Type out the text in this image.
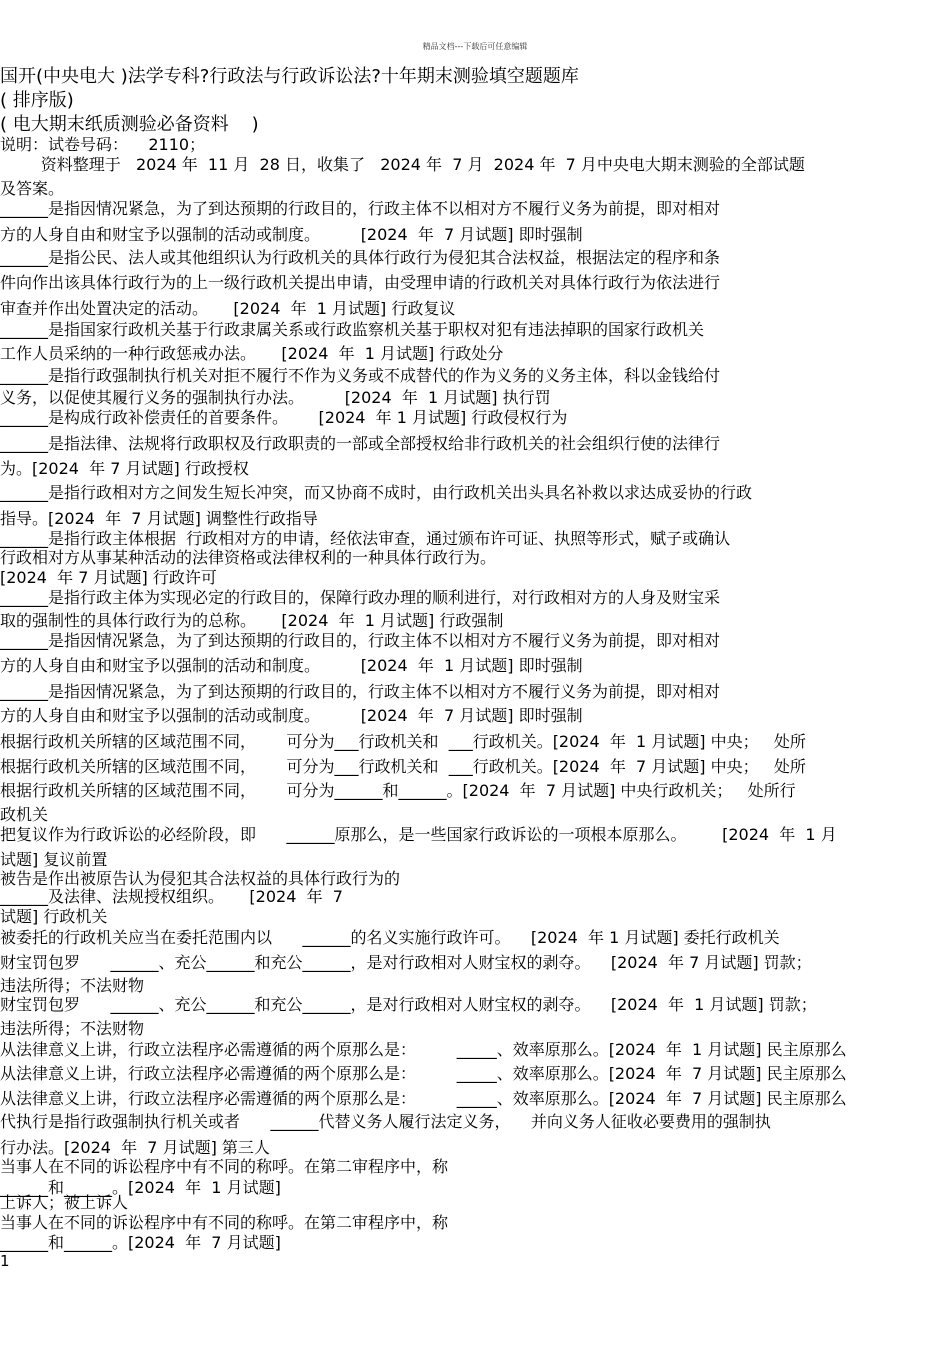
精品文档---下载后可任意编辑
国开(中央电大 )法学专科?行政法与行政诉讼法?十年期末测验填空题题库
( 排序版)
( 电大期末纸质测验必备资料    )
说明：试卷号码：    2110；
资料整理于   2024 年  11 月  28 日，收集了   2024 年  7 月  2024 年  7 月中央电大期末测验的全部试题
及答案。
______是指因情况紧急，为了到达预期的行政目的，行政主体不以相对方不履行义务为前提，即对相对
方的人身自由和财宝予以强制的活动或制度。        [2024  年  7 月试题] 即时强制
______是指公民、法人或其他组织认为行政机关的具体行政行为侵犯其合法权益，根据法定的程序和条
件向作出该具体行政行为的上一级行政机关提出申请，由受理申请的行政机关对具体行政行为依法进行
审查并作出处置决定的活动。     [2024  年  1 月试题] 行政复议
______是指国家行政机关基于行政隶属关系或行政监察机关基于职权对犯有违法掉职的国家行政机关
工作人员采纳的一种行政惩戒办法。     [2024  年  1 月试题] 行政处分
______是指行政强制执行机关对拒不履行不作为义务或不成替代的作为义务的义务主体，科以金钱给付
义务，以促使其履行义务的强制执行办法。        [2024  年  1 月试题] 执行罚
______是构成行政补偿责任的首要条件。      [2024  年 1 月试题] 行政侵权行为
______是指法律、法规将行政职权及行政职责的一部或全部授权给非行政机关的社会组织行使的法律行
为。[2024  年 7 月试题] 行政授权
______是指行政相对方之间发生短长冲突，而又协商不成时，由行政机关出头具名补救以求达成妥协的行政
指导。[2024  年  7 月试题] 调整性行政指导
______是指行政主体根据  行政相对方的申请，经依法审查，通过颁布许可证、执照等形式，赋子或确认
行政相对方从事某种活动的法律资格或法律权利的一种具体行政行为。
[2024  年 7 月试题] 行政许可
______是指行政主体为实现必定的行政目的，保障行政办理的顺利进行，对行政相对方的人身及财宝采
取的强制性的具体行政行为的总称。     [2024  年  1 月试题] 行政强制
______是指因情况紧急，为了到达预期的行政目的，行政主体不以相对方不履行义务为前提，即对相对
方的人身自由和财宝予以强制的活动和制度。        [2024  年  1 月试题] 即时强制
______是指因情况紧急，为了到达预期的行政目的，行政主体不以相对方不履行义务为前提，即对相对
方的人身自由和财宝予以强制的活动或制度。        [2024  年  7 月试题] 即时强制
根据行政机关所辖的区域范围不同，      可分为___行政机关和  ___行政机关。[2024  年  1 月试题] 中央；   处所
根据行政机关所辖的区域范围不同，      可分为___行政机关和  ___行政机关。[2024  年  7 月试题] 中央；   处所
根据行政机关所辖的区域范围不同，      可分为______和______。[2024  年  7 月试题] 中央行政机关；   处所行
政机关
把复议作为行政诉讼的必经阶段，即      ______原那么，是一些国家行政诉讼的一项根本原那么。       [2024  年  1 月
试题] 复议前置
被告是作出被原告认为侵犯其合法权益的具体行政行为的
______及法律、法规授权组织。     [2024  年  7
试题] 行政机关
被委托的行政机关应当在委托范围内以      ______的名义实施行政许可。    [2024  年 1 月试题] 委托行政机关
财宝罚包罗      ______、充公______和充公______，是对行政相对人财宝权的剥夺。    [2024  年 7 月试题] 罚款；
违法所得；不法财物
财宝罚包罗      ______、充公______和充公______，是对行政相对人财宝权的剥夺。    [2024  年  1 月试题] 罚款；
违法所得；不法财物
从法律意义上讲，行政立法程序必需遵循的两个原那么是：        _____、效率原那么。[2024  年  1 月试题] 民主原那么
从法律意义上讲，行政立法程序必需遵循的两个原那么是：        _____、效率原那么。[2024  年  7 月试题] 民主原那么
从法律意义上讲，行政立法程序必需遵循的两个原那么是：        _____、效率原那么。[2024  年  7 月试题] 民主原那么
代执行是指行政强制执行机关或者      ______代替义务人履行法定义务，    并向义务人征收必要费用的强制执
行办法。[2024  年  7 月试题] 第三人
当事人在不同的诉讼程序中有不同的称呼。在第二审程序中，称
______和______。[2024  年  1 月试题]
上诉人；被上诉人
当事人在不同的诉讼程序中有不同的称呼。在第二审程序中，称
______和______。[2024  年  7 月试题]
1
